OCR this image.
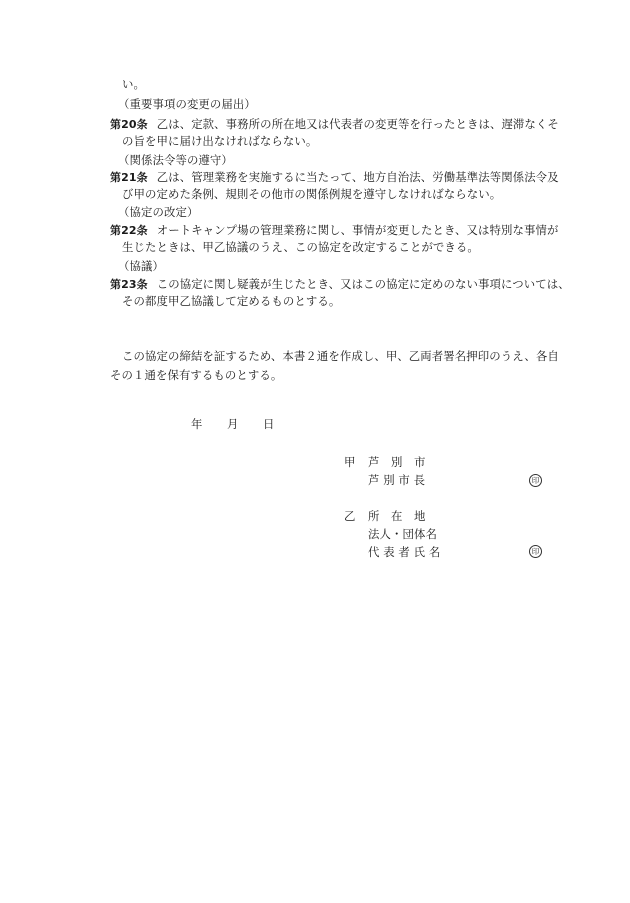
い。
（重要事項の変更の届出）
第20条 乙は、定款、事務所の所在地又は代表者の変更等を行ったときは、遅滞なくそ
の旨を甲に届け出なければならない。
（関係法令等の遵守）
第21条 乙は、管理業務を実施するに当たって、地方自治法、労働基準法等関係法令及
び甲の定めた条例、規則その他市の関係例規を遵守しなければならない。
（協定の改定）
第22条 オートキャンプ場の管理業務に関し、事情が変更したとき、又は特別な事情が
生じたときは、甲乙協議のうえ、この協定を改定することができる。
（協議）
第23条 この協定に関し疑義が生じたとき、又はこの協定に定めのない事項については、
その都度甲乙協議して定めるものとする。
この協定の締結を証するため、本書２通を作成し、甲、乙両者署名押印のうえ、各自
その１通を保有するものとする。
年 月 日
甲 芦　別　市
芦 別 市 長	印
乙 所　在　地
法人・団体名
代 表 者 氏 名	印
